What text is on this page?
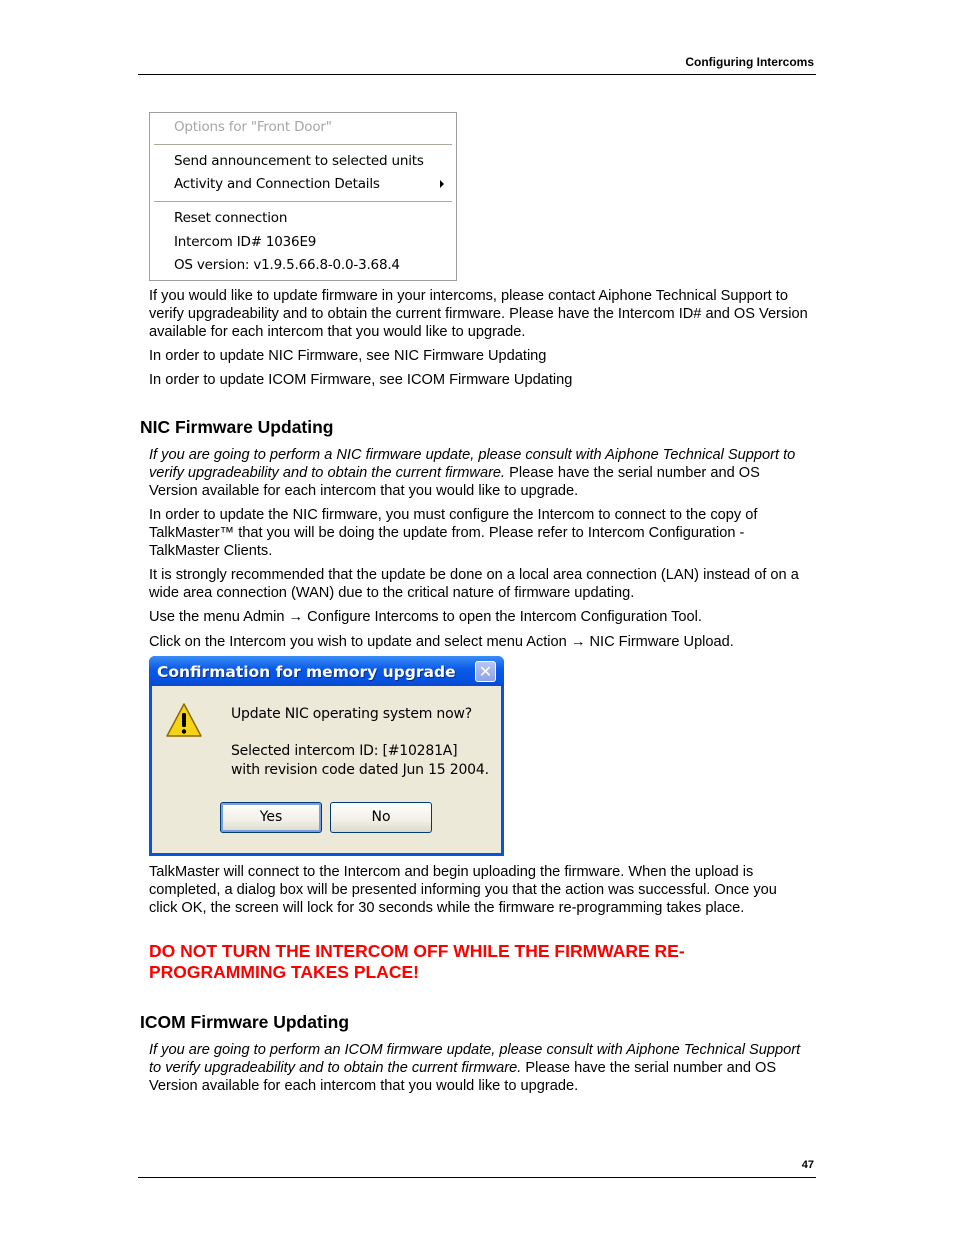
Configuring Intercoms
Options for "Front Door"
Send announcement to selected units
Activity and Connection Details
Reset connection
Intercom ID# 1036E9
OS version: v1.9.5.66.8-0.0-3.68.4
If you would like to update firmware in your intercoms, please contact Aiphone Technical Support to verify upgradeability and to obtain the current firmware. Please have the Intercom ID# and OS Version available for each intercom that you would like to upgrade.
In order to update NIC Firmware, see NIC Firmware Updating
In order to update ICOM Firmware, see ICOM Firmware Updating
NIC Firmware Updating
If you are going to perform a NIC firmware update, please consult with Aiphone Technical Support to verify upgradeability and to obtain the current firmware. Please have the serial number and OS Version available for each intercom that you would like to upgrade.
In order to update the NIC firmware, you must configure the Intercom to connect to the copy of TalkMaster™ that you will be doing the update from. Please refer to Intercom Configuration - TalkMaster Clients.
It is strongly recommended that the update be done on a local area connection (LAN) instead of on a wide area connection (WAN) due to the critical nature of firmware updating.
Use the menu Admin → Configure Intercoms to open the Intercom Configuration Tool.
Click on the Intercom you wish to update and select menu Action → NIC Firmware Upload.
Confirmation for memory upgrade ✕
Update NIC operating system now?
Selected intercom ID: [#10281A]
with revision code dated Jun 15 2004.
Yes	No
TalkMaster will connect to the Intercom and begin uploading the firmware. When the upload is completed, a dialog box will be presented informing you that the action was successful. Once you click OK, the screen will lock for 30 seconds while the firmware re-programming takes place.
DO NOT TURN THE INTERCOM OFF WHILE THE FIRMWARE RE-PROGRAMMING TAKES PLACE!
ICOM Firmware Updating
If you are going to perform an ICOM firmware update, please consult with Aiphone Technical Support to verify upgradeability and to obtain the current firmware. Please have the serial number and OS Version available for each intercom that you would like to upgrade.
47
